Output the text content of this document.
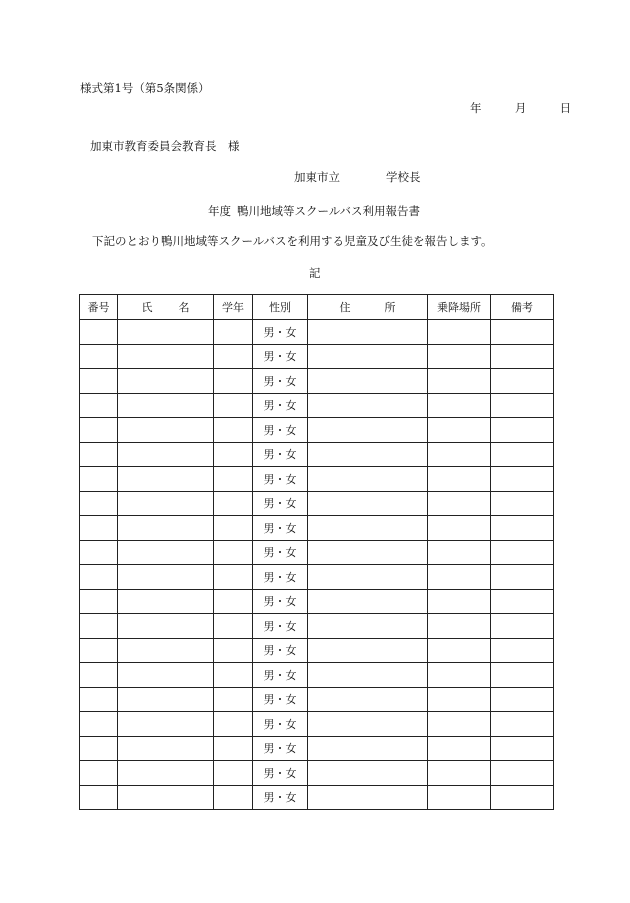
様式第1号（第5条関係）
年	月	日
加東市教育委員会教育長　様
加東市立	学校長
年度 鴨川地域等スクールバス利用報告書
下記のとおり鴨川地域等スクールバスを利用する児童及び生徒を報告します。
記
番号	氏 名	学年	性別	住 所	乗降場所	備考
			男・女			
			男・女			
			男・女			
			男・女			
			男・女			
			男・女			
			男・女			
			男・女			
			男・女			
			男・女			
			男・女			
			男・女			
			男・女			
			男・女			
			男・女			
			男・女			
			男・女			
			男・女			
			男・女			
			男・女			
